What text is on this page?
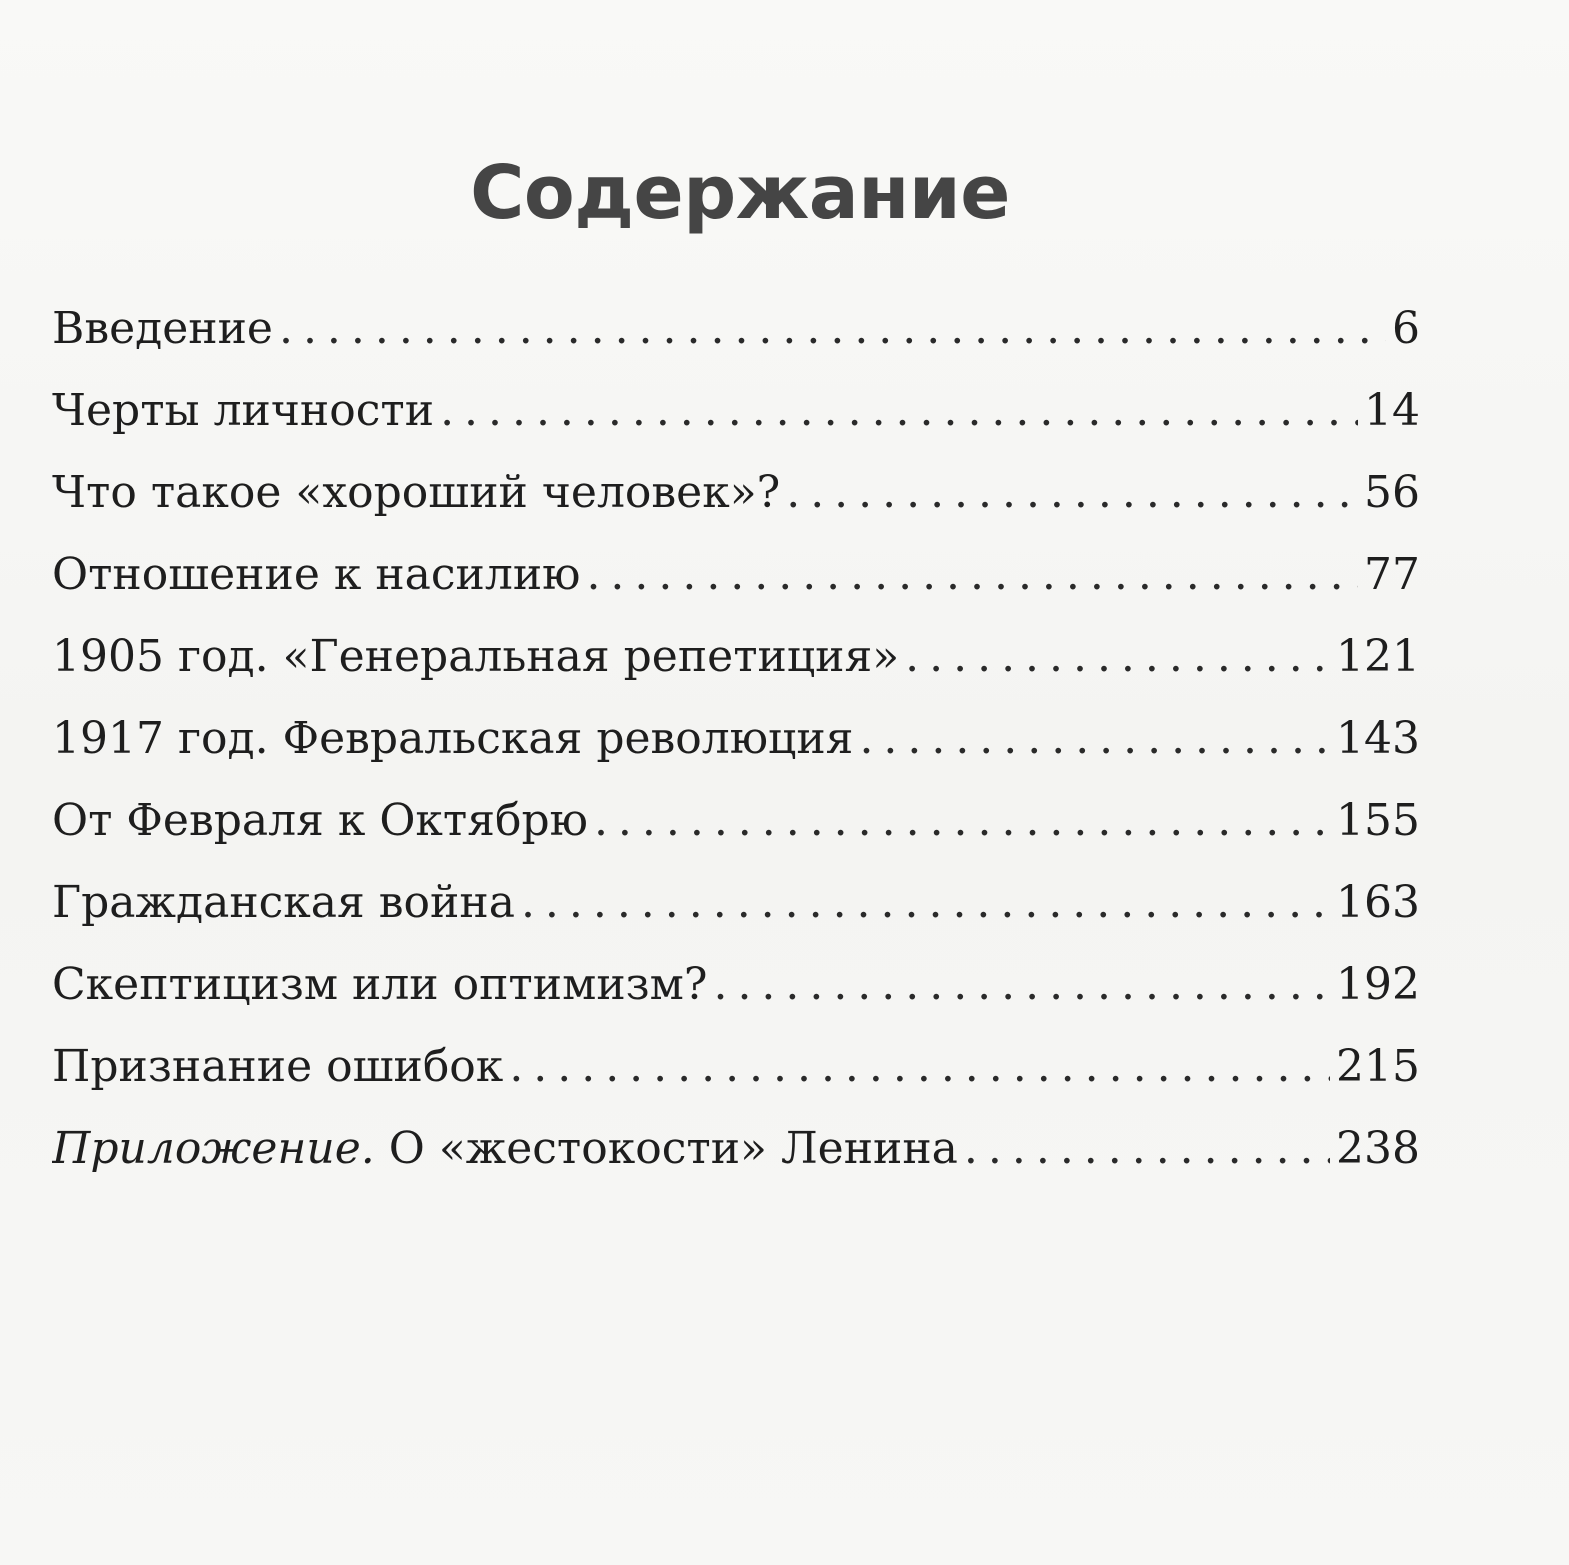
Содержание
Введение . . .	6
Черты личности . . .	14
Что такое «хороший человек»? . . .	56
Отношение к насилию . . .	77
1905 год. «Генеральная репетиция» . . .	121
1917 год. Февральская революция . . .	143
От Февраля к Октябрю . . .	155
Гражданская война . . .	163
Скептицизм или оптимизм? . . .	192
Признание ошибок . . .	215
Приложение. О «жестокости» Ленина . . .	238
